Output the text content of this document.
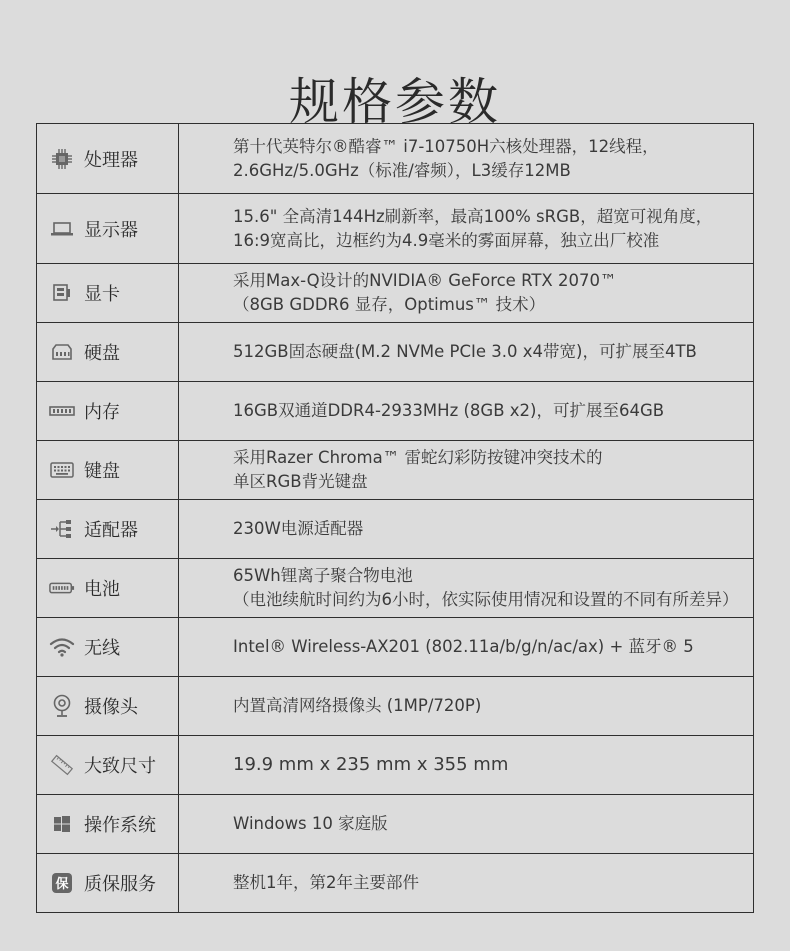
规格参数
处理器	第十代英特尔®酷睿™ i7-10750H六核处理器，12线程，
2.6GHz/5.0GHz（标准/睿频），L3缓存12MB

显示器	15.6" 全高清144Hz刷新率，最高100% sRGB，超宽可视角度，
16:9宽高比，边框约为4.9毫米的雾面屏幕，独立出厂校准

显卡	采用Max-Q设计的NVIDIA® GeForce RTX 2070™
（8GB GDDR6 显存，Optimus™ 技术）

硬盘	512GB固态硬盘(M.2 NVMe PCIe 3.0 x4带宽)，可扩展至4TB

内存	16GB双通道DDR4-2933MHz (8GB x2)，可扩展至64GB

键盘	采用Razer Chroma™ 雷蛇幻彩防按键冲突技术的
单区RGB背光键盘

适配器	230W电源适配器

电池	65Wh锂离子聚合物电池
（电池续航时间约为6小时，依实际使用情况和设置的不同有所差异）

无线	Intel® Wireless-AX201 (802.11a/b/g/n/ac/ax) + 蓝牙® 5

摄像头	内置高清网络摄像头 (1MP/720P)

大致尺寸	19.9 mm x 235 mm x 355 mm

操作系统	Windows 10 家庭版

保 质保服务	整机1年，第2年主要部件
